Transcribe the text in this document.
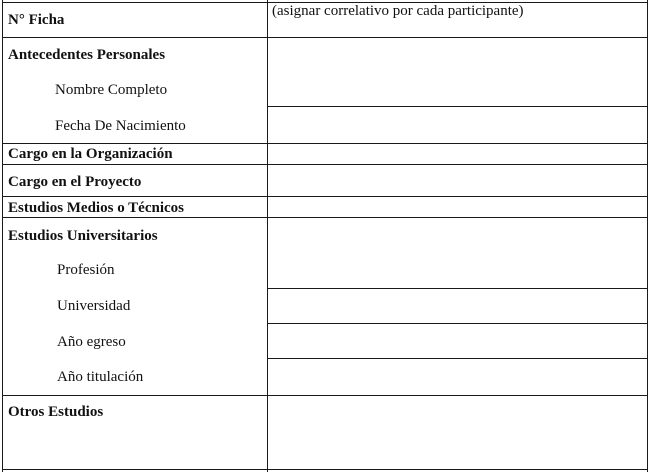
N° Ficha
(asignar correlativo por cada participante)
Antecedentes Personales
Nombre Completo
Fecha De Nacimiento
Cargo en la Organización
Cargo en el Proyecto
Estudios Medios o Técnicos
Estudios Universitarios
Profesión
Universidad
Año egreso
Año titulación
Otros Estudios
